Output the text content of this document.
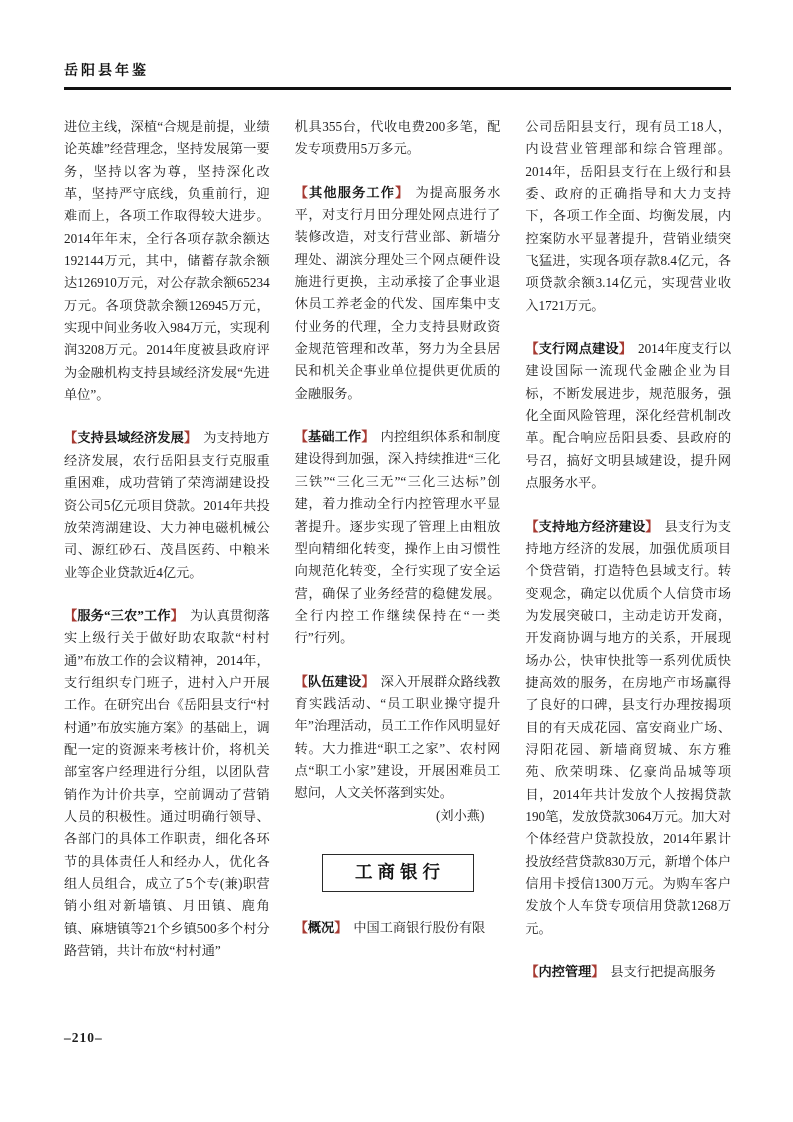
岳阳县年鉴

进位主线，深植“合规是前提，业绩论英雄”经营理念，坚持发展第一要务，坚持以客为尊，坚持深化改革，坚持严守底线，负重前行，迎难而上，各项工作取得较大进步。2014年年末，全行各项存款余额达192144万元，其中，储蓄存款余额达126910万元，对公存款余额65234万元。各项贷款余额126945万元，实现中间业务收入984万元，实现利润3208万元。2014年度被县政府评为金融机构支持县域经济发展“先进单位”。

【支持县域经济发展】 为支持地方经济发展，农行岳阳县支行克服重重困难，成功营销了荣湾湖建设投资公司5亿元项目贷款。2014年共投放荣湾湖建设、大力神电磁机械公司、源红砂石、茂昌医药、中粮米业等企业贷款近4亿元。

【服务“三农”工作】 为认真贯彻落实上级行关于做好助农取款“村村通”布放工作的会议精神，2014年，支行组织专门班子，进村入户开展工作。在研究出台《岳阳县支行“村村通”布放实施方案》的基础上，调配一定的资源来考核计价，将机关部室客户经理进行分组，以团队营销作为计价共享，空前调动了营销人员的积极性。通过明确行领导、各部门的具体工作职责，细化各环节的具体责任人和经办人，优化各组人员组合，成立了5个专(兼)职营销小组对新墙镇、月田镇、鹿角镇、麻塘镇等21个乡镇500多个村分路营销，共计布放“村村通”

机具355台，代收电费200多笔，配发专项费用5万多元。

【其他服务工作】 为提高服务水平，对支行月田分理处网点进行了装修改造，对支行营业部、新墙分理处、湖滨分理处三个网点硬件设施进行更换，主动承接了企事业退休员工养老金的代发、国库集中支付业务的代理，全力支持县财政资金规范管理和改革，努力为全县居民和机关企事业单位提供更优质的金融服务。

【基础工作】 内控组织体系和制度建设得到加强，深入持续推进“三化三铁”“三化三无”“三化三达标”创建，着力推动全行内控管理水平显著提升。逐步实现了管理上由粗放型向精细化转变，操作上由习惯性向规范化转变，全行实现了安全运营，确保了业务经营的稳健发展。全行内控工作继续保持在“一类行”行列。

【队伍建设】 深入开展群众路线教育实践活动、“员工职业操守提升年”治理活动，员工工作作风明显好转。大力推进“职工之家”、农村网点“职工小家”建设，开展困难员工慰问，人文关怀落到实处。

(刘小燕)
工商银行

【概况】 中国工商银行股份有限

公司岳阳县支行，现有员工18人，内设营业管理部和综合管理部。2014年，岳阳县支行在上级行和县委、政府的正确指导和大力支持下，各项工作全面、均衡发展，内控案防水平显著提升，营销业绩突飞猛进，实现各项存款8.4亿元，各项贷款余额3.14亿元，实现营业收入1721万元。

【支行网点建设】 2014年度支行以建设国际一流现代金融企业为目标，不断发展进步，规范服务，强化全面风险管理，深化经营机制改革。配合响应岳阳县委、县政府的号召，搞好文明县域建设，提升网点服务水平。

【支持地方经济建设】 县支行为支持地方经济的发展，加强优质项目个贷营销，打造特色县域支行。转变观念，确定以优质个人信贷市场为发展突破口，主动走访开发商，开发商协调与地方的关系，开展现场办公，快审快批等一系列优质快捷高效的服务，在房地产市场赢得了良好的口碑，县支行办理按揭项目的有天成花园、富安商业广场、浔阳花园、新墙商贸城、东方雅苑、欣荣明珠、亿豪尚品城等项目，2014年共计发放个人按揭贷款190笔，发放贷款3064万元。加大对个体经营户贷款投放，2014年累计投放经营贷款830万元，新增个体户信用卡授信1300万元。为购车客户发放个人车贷专项信用贷款1268万元。

【内控管理】 县支行把提高服务

–210–
